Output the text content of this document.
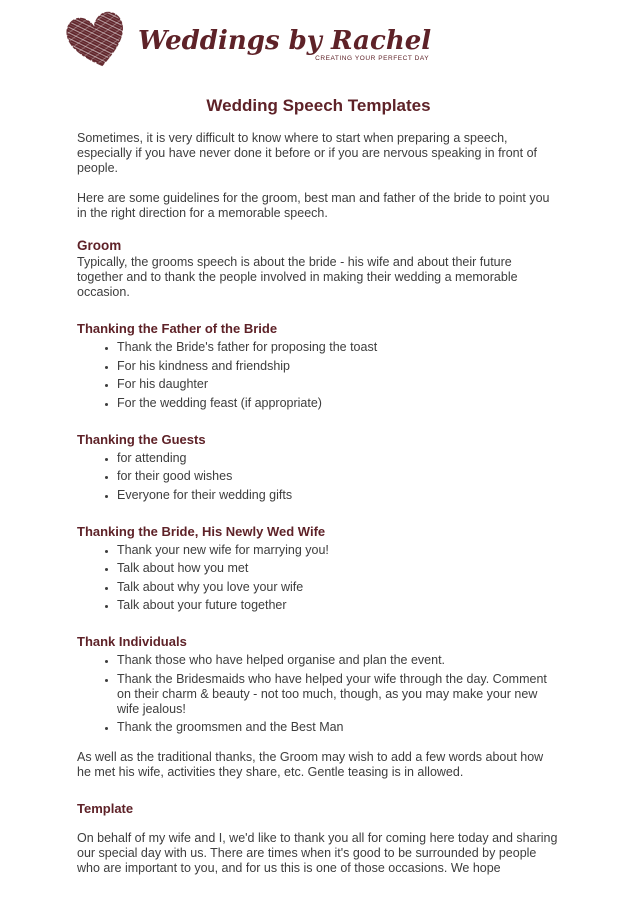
Weddings by Rachel
CREATING YOUR PERFECT DAY
Wedding Speech Templates

Sometimes, it is very difficult to know where to start when preparing a speech, especially if you have never done it before or if you are nervous speaking in front of people.

Here are some guidelines for the groom, best man and father of the bride to point you in the right direction for a memorable speech.

Groom

Typically, the grooms speech is about the bride - his wife and about their future together and to thank the people involved in making their wedding a memorable occasion.

Thanking the Father of the Bride
• Thank the Bride's father for proposing the toast
• For his kindness and friendship
• For his daughter
• For the wedding feast (if appropriate)
Thanking the Guests
• for attending
• for their good wishes
• Everyone for their wedding gifts
Thanking the Bride, His Newly Wed Wife
• Thank your new wife for marrying you!
• Talk about how you met
• Talk about why you love your wife
• Talk about your future together
Thank Individuals
• Thank those who have helped organise and plan the event.
• Thank the Bridesmaids who have helped your wife through the day. Comment on their charm & beauty - not too much, though, as you may make your new wife jealous!
• Thank the groomsmen and the Best Man

As well as the traditional thanks, the Groom may wish to add a few words about how he met his wife, activities they share, etc. Gentle teasing is in allowed.

Template

On behalf of my wife and I, we'd like to thank you all for coming here today and sharing our special day with us. There are times when it's good to be surrounded by people who are important to you, and for us this is one of those occasions. We hope
